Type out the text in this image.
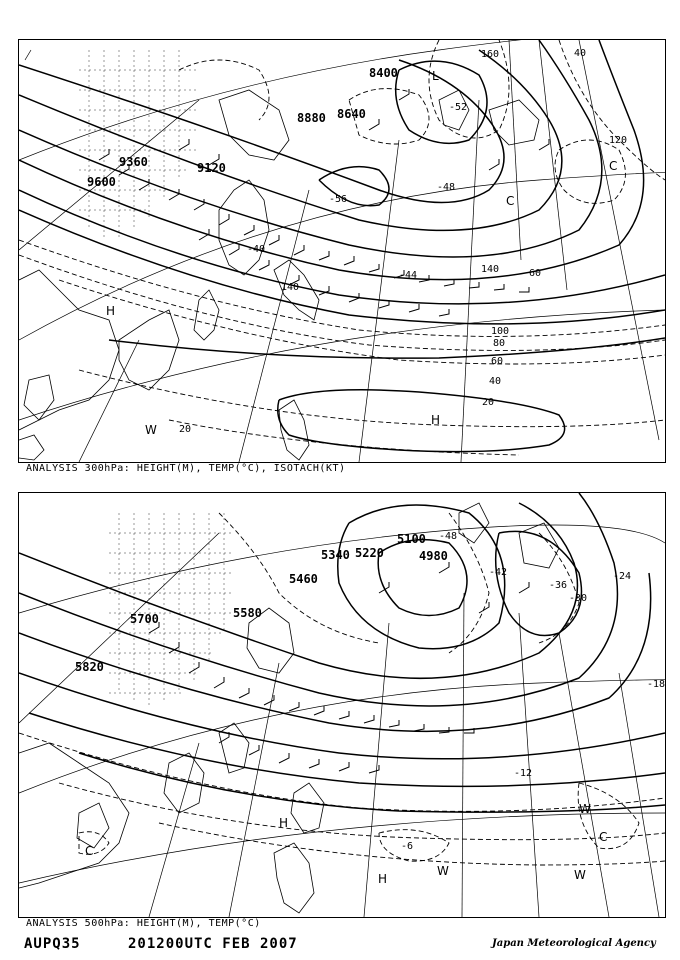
8400
8640
8880
9120
9360
9600
20
40
60
80
100
120
140
160
20
60
40
140
-40
-44
-48
-52
-56
H
H
L
W
C
C
ANALYSIS 300hPa: HEIGHT(M), TEMP(°C), ISOTACH(KT)
4980
5100
5220
5340
5460
5580
5700
5820
-6
-12
-18
-24
-30
-36
-42
-48
H
H
W	W
W
C
C
ANALYSIS 500hPa: HEIGHT(M), TEMP(°C)
AUPQ35	201200UTC FEB 2007	Japan Meteorological Agency
